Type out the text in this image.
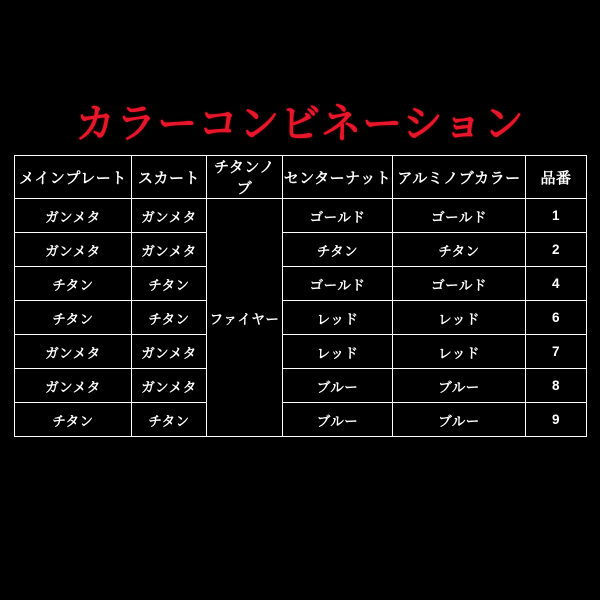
カラーコンビネーション
メインプレート	スカート	チタンノブ	センターナット	アルミノブカラー	品番
ガンメタ	ガンメタ	ファイヤー	ゴールド	ゴールド	1
ガンメタ	ガンメタ		チタン	チタン	2
チタン	チタン		ゴールド	ゴールド	4
チタン	チタン		レッド	レッド	6
ガンメタ	ガンメタ		レッド	レッド	7
ガンメタ	ガンメタ		ブルー	ブルー	8
チタン	チタン		ブルー	ブルー	9
